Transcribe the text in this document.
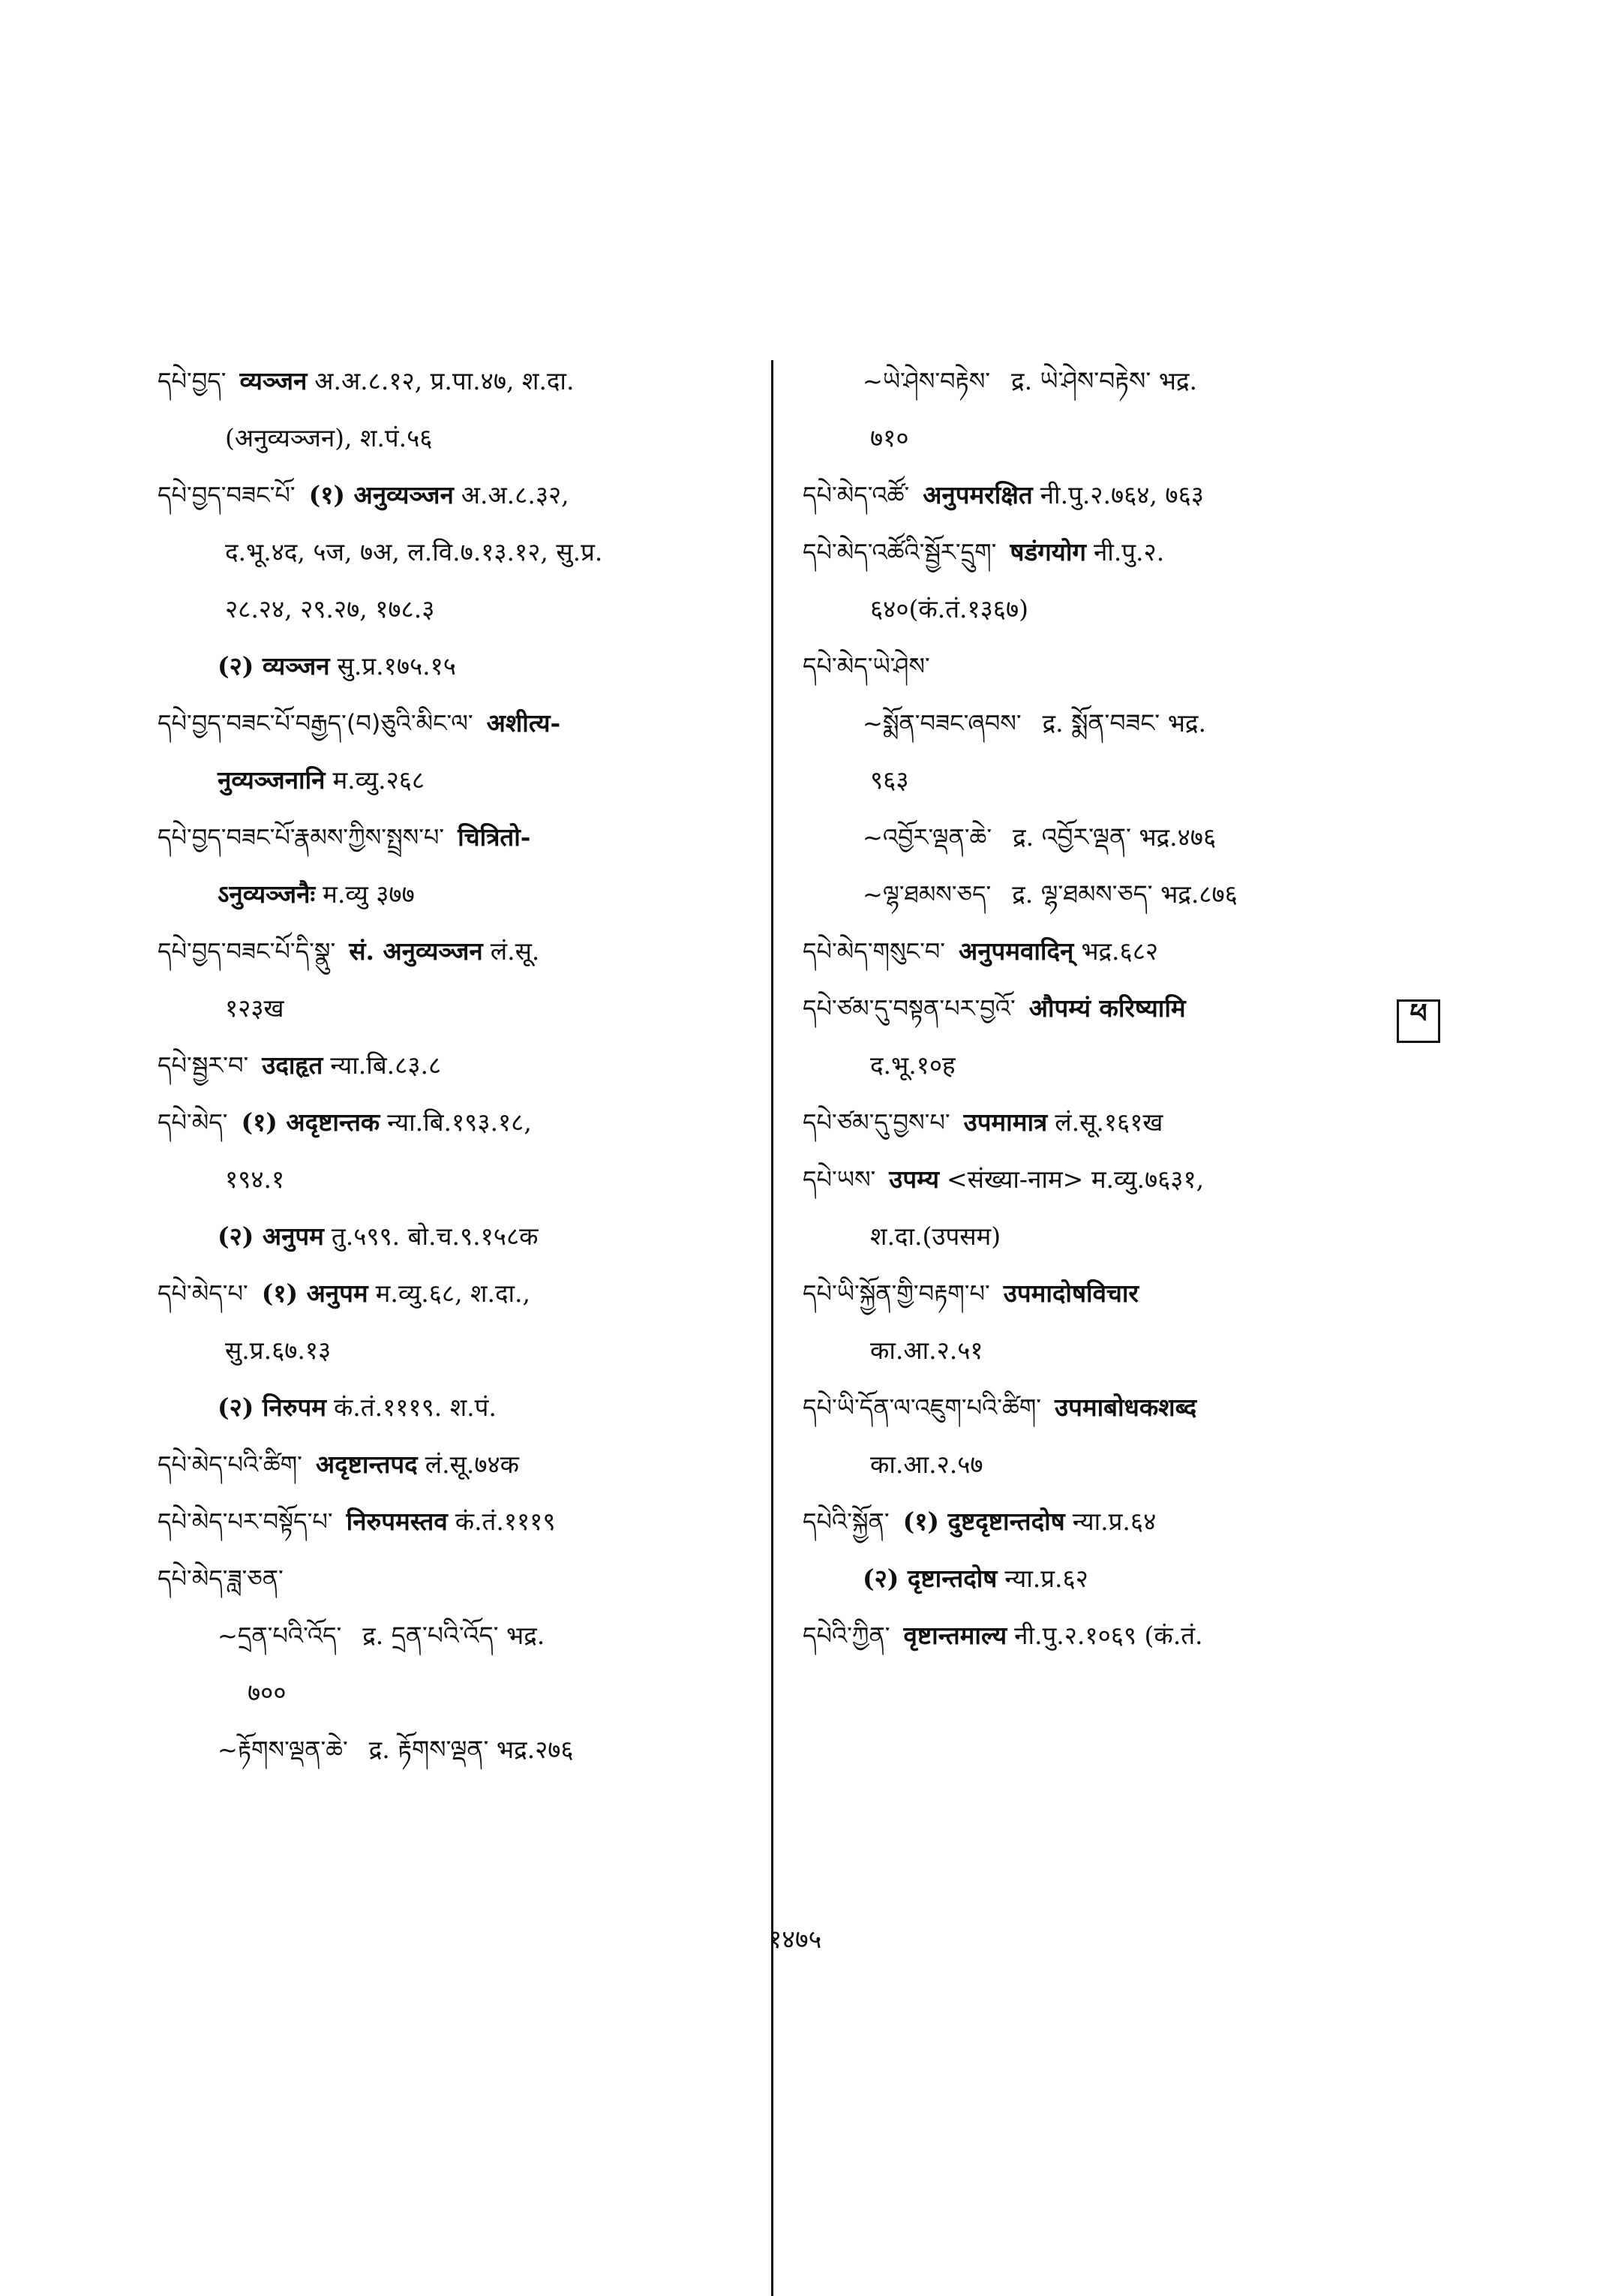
དཔེ་བྱད་ व्यञ्जन अ.अ.८.१२, प्र.पा.४७, श.दा.
(अनुव्यञ्जन), श.पं.५६
དཔེ་བྱད་བཟང་པོ་ (१) अनुव्यञ्जन अ.अ.८.३२,
द.भू.४द, ५ज, ७अ, ल.वि.७.१३.१२, सु.प्र.
२८.२४, २९.२७, १७८.३
(२) व्यञ्जन सु.प्र.१७५.१५
དཔེ་བྱད་བཟང་པོ་བརྒྱད་(བ)ཅུའི་མིང་ལ་ अशीत्य-
नुव्यञ्जनानि म.व्यु.२६८
དཔེ་བྱད་བཟང་པོ་རྣམས་ཀྱིས་སྤྲས་པ་ चित्रितो-
ऽनुव्यञ्जनैः म.व्यु ३७७
དཔེ་བྱད་བཟང་པོ་དི་སྣུ་ सं. अनुव्यञ्जन लं.सू.
१२३ख
དཔེ་སྦྱར་བ་ उदाहृत न्या.बि.८३.८
དཔེ་མེད་ (१) अदृष्टान्तक न्या.बि.१९३.१८,
१९४.१
(२) अनुपम तु.५९९. बो.च.९.१५८क
དཔེ་མེད་པ་ (१) अनुपम म.व्यु.६८, श.दा.,
सु.प्र.६७.१३
(२) निरुपम कं.तं.१११९. श.पं.
དཔེ་མེད་པའི་ཚིག་ अदृष्टान्तपद लं.सू.७४क
དཔེ་མེད་པར་བསྟོད་པ་ निरुपमस्तव कं.तं.१११९
དཔེ་མེད་ཟླ་ཅན་
~དྲན་པའི་འོད་ द्र. དྲན་པའི་འོད་ भद्र.
७००
~རྟོགས་ལྡན་ཆེ་ द्र. རྟོགས་ལྡན་ भद्र.२७६
~ཡེ་ཤེས་བརྟེས་ द्र. ཡེ་ཤེས་བརྟེས་ भद्र.
७१०
དཔེ་མེད་འཚོ་ अनुपमरक्षित नी.पु.२.७६४, ७६३
དཔེ་མེད་འཚོའི་སྦྱོར་དྲུག་ षडंगयोग नी.पु.२.
६४०(कं.तं.१३६७)
དཔེ་མེད་ཡེ་ཤེས་
~སྨོན་བཟང་ཞབས་ द्र. སྨོན་བཟང་ भद्र.
९६३
~འབྱོར་ལྡན་ཆེ་ द्र. འབྱོར་ལྡན་ भद्र.४७६
~ལྷ་ཐམས་ཅད་ द्र. ལྷ་ཐམས་ཅད་ भद्र.८७६
དཔེ་མེད་གསུང་བ་ अनुपमवादिन् भद्र.६८२
དཔེ་ཙམ་དུ་བསྟན་པར་བྱའོ་ औपम्यं करिष्यामि
द.भू.१०ह
དཔེ་ཙམ་དུ་བྱས་པ་ उपमामात्र लं.सू.१६१ख
དཔེ་ཡས་ उपम्य <संख्या-नाम> म.व्यु.७६३१,
श.दा.(उपसम)
དཔེ་ཡི་སྐྱོན་གྱི་བརྟག་པ་ उपमादोषविचार
का.आ.२.५१
དཔེ་ཡི་དོན་ལ་འཇུག་པའི་ཚིག་ उपमाबोधकशब्द
का.आ.२.५७
དཔེའི་སྐྱོན་ (१) दुष्टदृष्टान्तदोष न्या.प्र.६४
(२) दृष्टान्तदोष न्या.प्र.६२
དཔེའི་ཀྱིན་ वृष्टान्तमाल्य नी.पु.२.१०६९ (कं.तं.
ཕ
१४७५
